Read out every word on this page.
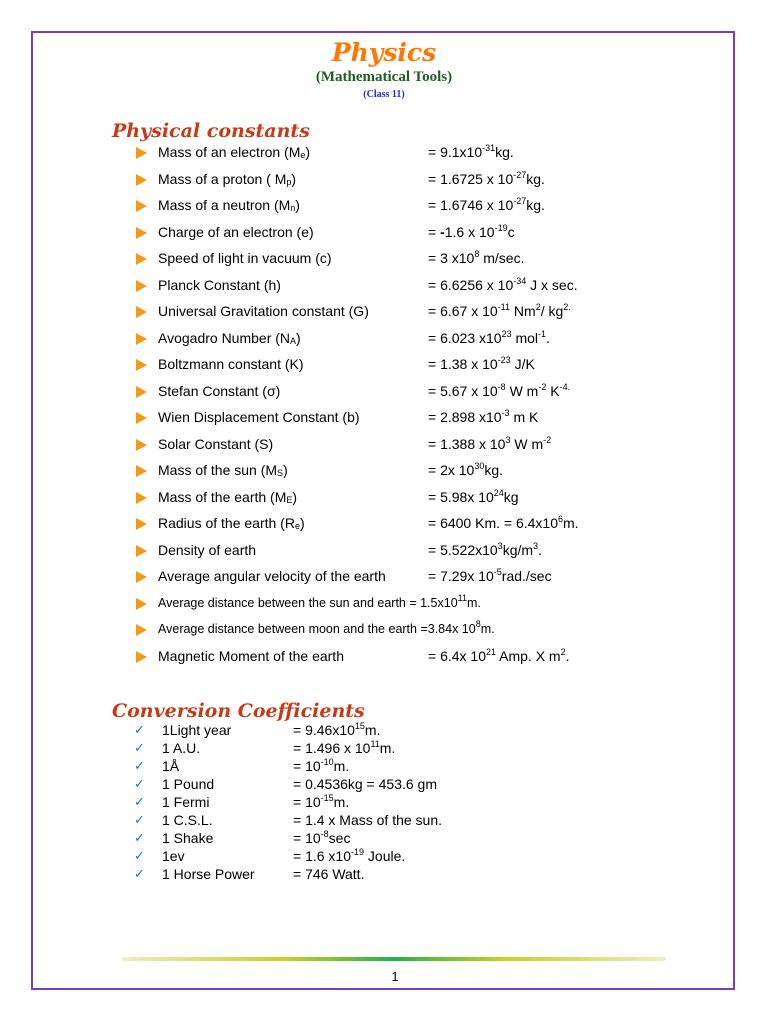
Physics
(Mathematical Tools)
(Class 11)
Physical constants
Mass of an electron $(M_e)$	= $9.1x10^{-31}kg$.
Mass of a proton ( $M_p$)	= 1.6725 x $10^{-27}kg$.
Mass of a neutron $(M_n)$	= 1.6746 x $10^{-27}kg$.
Charge of an electron (e)	= -1.6 x $10^{-19}c$
Speed of light in vacuum (c)	= 3 $x10^8$ m/sec.
Planck Constant (h)	= 6.6256 x $10^{-34}$ J x sec.
Universal Gravitation constant (G)	= 6.67 x $10^{-11}$ Nm$^2$/ $kg^{2.}$
Avogadro Number $(N_A)$	= 6.023 $x10^{23}$ mol$^{-1}$.
Boltzmann constant (K)	= 1.38 x $10^{-23}$ J/K
Stefan Constant (σ)	= 5.67 x $10^{-8}$ W $m^{-2}$ $K^{-4.}$
Wien Displacement Constant (b)	= 2.898 $x10^{-3}$ m K
Solar Constant (S)	= 1.388 x $10^3$ W $m^{-2}$
Mass of the sun $(M_S)$	= 2x $10^{30}kg$.
Mass of the earth $(M_E)$	= 5.98x $10^{24}kg$
Radius of the earth $(R_e)$	= 6400 Km. = $6.4x10^6m$.
Density of earth	= $5.522x10^3kg/m^3$.
Average angular velocity of the earth	= 7.29x $10^{-5}rad./\sec$
Average distance between the sun and earth = $1.5x10^{11}m$.
Average distance between moon and the earth =3.84x $10^8m$.
Magnetic Moment of the earth	= 6.4x $10^{21}$ Amp. X $m^2$.
Conversion Coefficients
✓ 1Light year	= $9.46x10^{15}m$.
✓ 1 A.U.	= 1.496 x $10^{11}m$.
✓ 1Å	= $10^{-10}m$.
✓ 1 Pound	= 0.4536kg = 453.6 gm
✓ 1 Fermi	= $10^{-15}m$.
✓ 1 C.S.L.	= 1.4 x Mass of the sun.
✓ 1 Shake	= $10^{-8}\sec$
✓ 1ev	= 1.6 $x10^{-19}$ Joule.
✓ 1 Horse Power	= 746 Watt.
1
